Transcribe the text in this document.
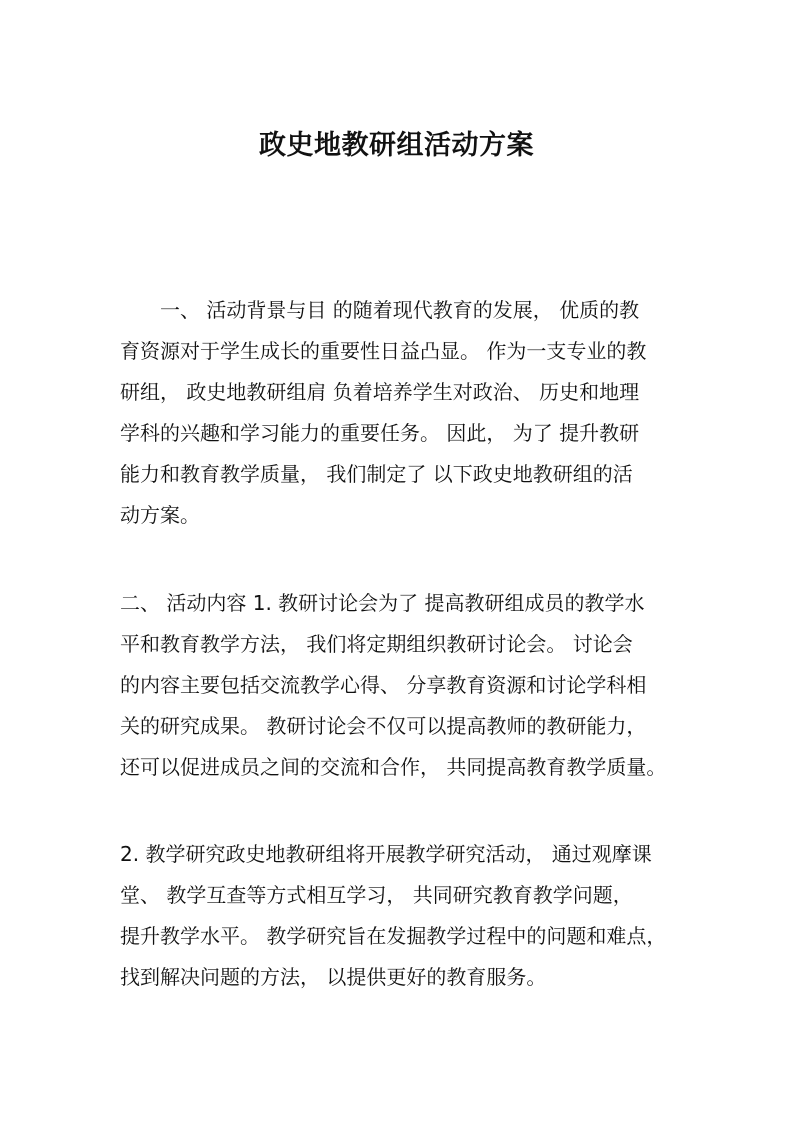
政史地教研组活动方案

一、 活动背景与目 的随着现代教育的发展， 优质的教
育资源对于学生成长的重要性日益凸显。 作为一支专业的教
研组， 政史地教研组肩 负着培养学生对政治、 历史和地理
学科的兴趣和学习能力的重要任务。 因此， 为了 提升教研
能力和教育教学质量， 我们制定了 以下政史地教研组的活
动方案。

二、 活动内容 1. 教研讨论会为了 提高教研组成员的教学水
平和教育教学方法， 我们将定期组织教研讨论会。 讨论会
的内容主要包括交流教学心得、 分享教育资源和讨论学科相
关的研究成果。 教研讨论会不仅可以提高教师的教研能力，
还可以促进成员之间的交流和合作， 共同提高教育教学质量。

2. 教学研究政史地教研组将开展教学研究活动， 通过观摩课
堂、 教学互查等方式相互学习， 共同研究教育教学问题，
提升教学水平。 教学研究旨在发掘教学过程中的问题和难点，
找到解决问题的方法， 以提供更好的教育服务。
